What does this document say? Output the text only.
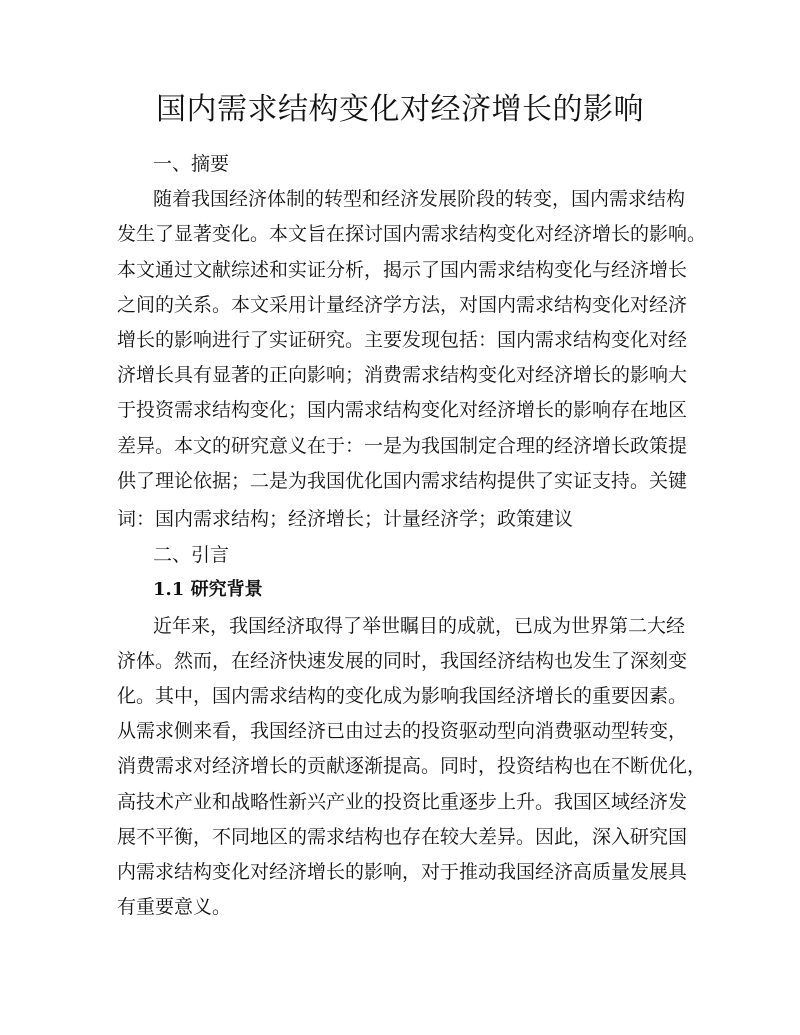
国内需求结构变化对经济增长的影响
一、摘要

随着我国经济体制的转型和经济发展阶段的转变，国内需求结构

发生了显著变化。本文旨在探讨国内需求结构变化对经济增长的影响。

本文通过文献综述和实证分析，揭示了国内需求结构变化与经济增长

之间的关系。本文采用计量经济学方法，对国内需求结构变化对经济

增长的影响进行了实证研究。主要发现包括：国内需求结构变化对经

济增长具有显著的正向影响；消费需求结构变化对经济增长的影响大

于投资需求结构变化；国内需求结构变化对经济增长的影响存在地区

差异。本文的研究意义在于：一是为我国制定合理的经济增长政策提

供了理论依据；二是为我国优化国内需求结构提供了实证支持。关键

词：国内需求结构；经济增长；计量经济学；政策建议

二、引言
1.1 研究背景

近年来，我国经济取得了举世瞩目的成就，已成为世界第二大经

济体。然而，在经济快速发展的同时，我国经济结构也发生了深刻变

化。其中，国内需求结构的变化成为影响我国经济增长的重要因素。

从需求侧来看，我国经济已由过去的投资驱动型向消费驱动型转变，

消费需求对经济增长的贡献逐渐提高。同时，投资结构也在不断优化，

高技术产业和战略性新兴产业的投资比重逐步上升。我国区域经济发

展不平衡，不同地区的需求结构也存在较大差异。因此，深入研究国

内需求结构变化对经济增长的影响，对于推动我国经济高质量发展具

有重要意义。
